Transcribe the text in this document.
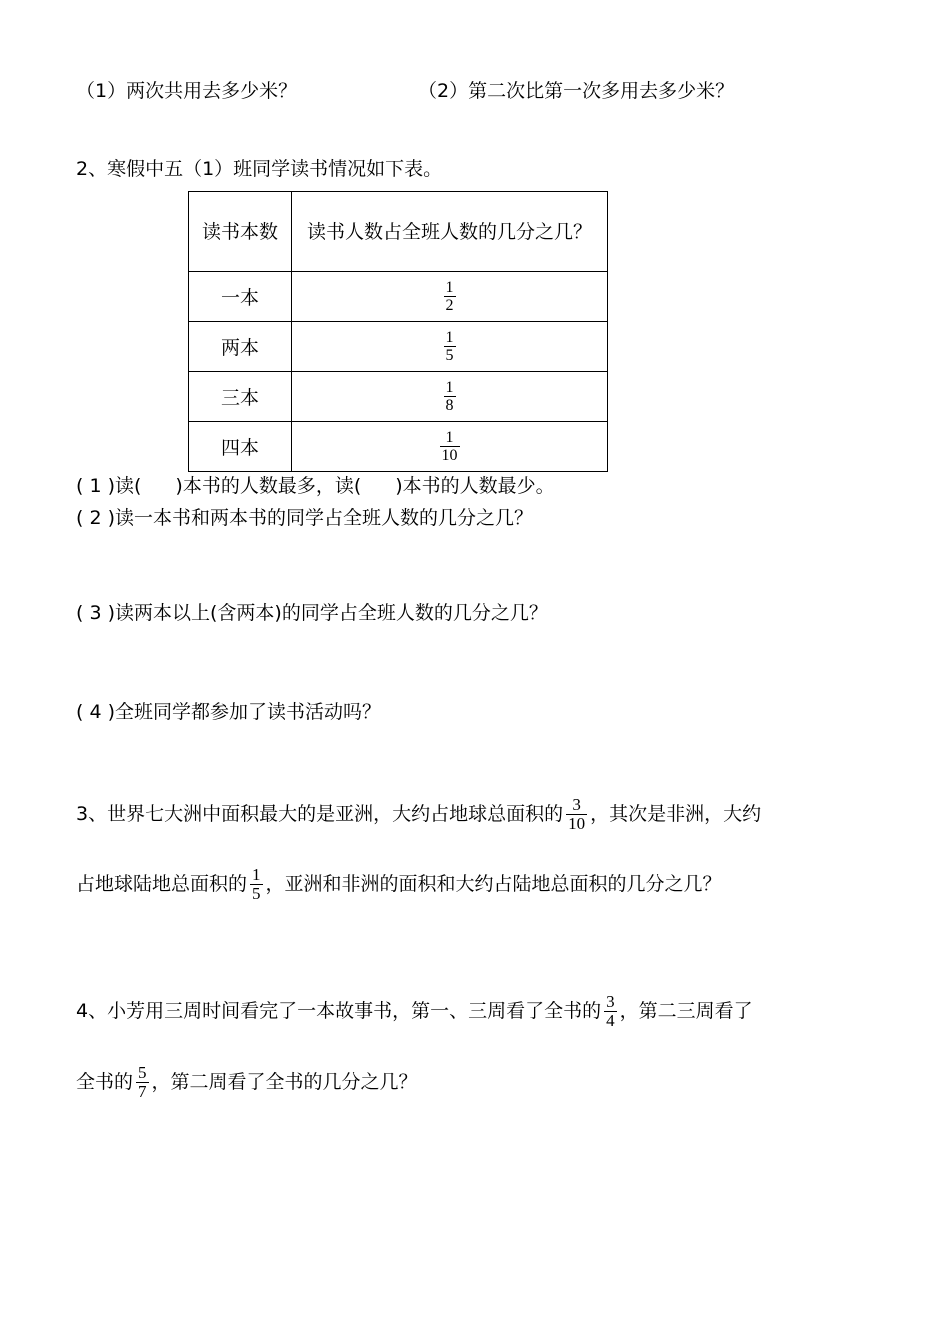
（1）两次共用去多少米？	（2）第二次比第一次多用去多少米？
2、寒假中五（1）班同学读书情况如下表。
读书本数	读书人数占全班人数的几分之几？
一本	$\frac{1}{2}$

两本	$\frac{1}{5}$

三本	$\frac{1}{8}$

四本	$\frac{1}{10}$
( 1 )读( )本书的人数最多，读( )本书的人数最少。
( 2 )读一本书和两本书的同学占全班人数的几分之几？
( 3 )读两本以上(含两本)的同学占全班人数的几分之几？
( 4 )全班同学都参加了读书活动吗？
3、世界七大洲中面积最大的是亚洲，大约占地球总面积的 $\frac{3}{10}$ ，其次是非洲，大约
占地球陆地总面积的 $\frac{1}{5}$ ，亚洲和非洲的面积和大约占陆地总面积的几分之几？
4、小芳用三周时间看完了一本故事书，第一、三周看了全书的 $\frac{3}{4}$ ，第二三周看了
全书的 $\frac{5}{7}$ ，第二周看了全书的几分之几？
